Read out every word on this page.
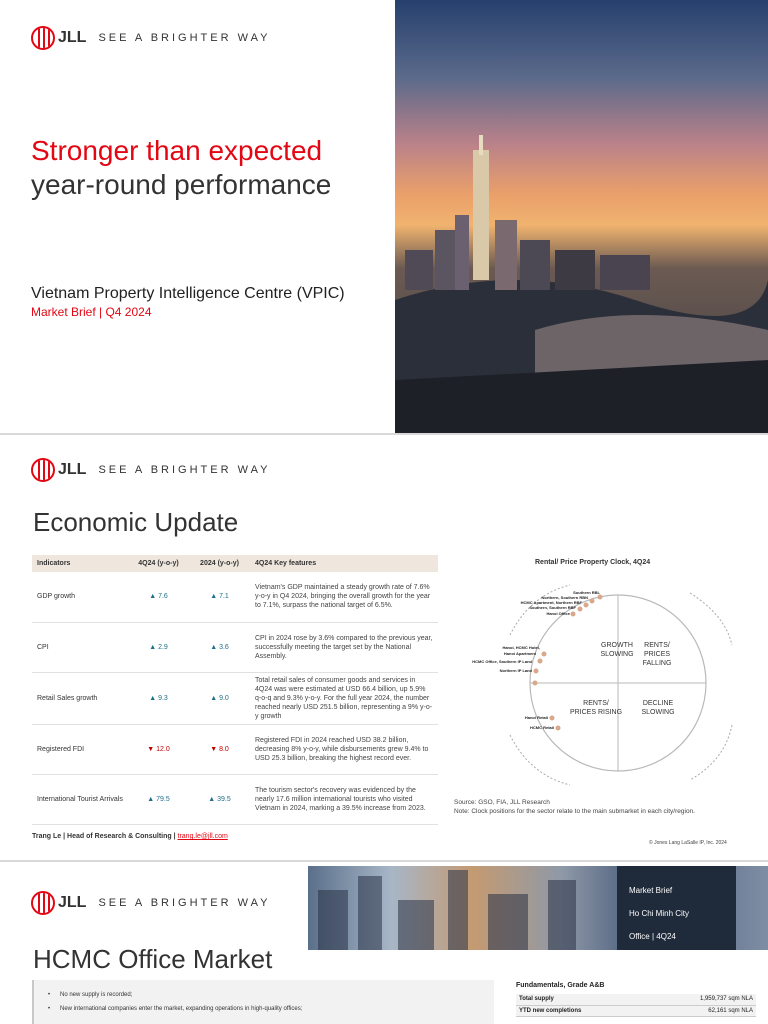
JLL SEE A BRIGHTER WAY
Stronger than expected
year-round performance
Vietnam Property Intelligence Centre (VPIC)
Market Brief | Q4 2024
JLL SEE A BRIGHTER WAY
Economic Update
Indicators	4Q24 (y-o-y)	2024 (y-o-y)	4Q24 Key features
GDP growth	▲ 7.6	▲ 7.1	Vietnam's GDP maintained a steady growth rate of 7.6% y-o-y in Q4 2024, bringing the overall growth for the year to 7.1%, surpass the national target of 6.5%.
CPI	▲ 2.9	▲ 3.6	CPI in 2024 rose by 3.6% compared to the previous year, successfully meeting the target set by the National Assembly.
Retail Sales growth	▲ 9.3	▲ 9.0	Total retail sales of consumer goods and services in 4Q24 was were estimated at USD 66.4 billion, up 5.9% q-o-q and 9.3% y-o-y. For the full year 2024, the number reached nearly USD 251.5 billion, representing a 9% y-o-y growth
Registered FDI	▼ 12.0	▼ 8.0	Registered FDI in 2024 reached USD 38.2 billion, decreasing 8% y-o-y, while disbursements grew 9.4% to USD 25.3 billion, breaking the highest record ever.
International Tourist Arrivals	▲ 79.5	▲ 39.5	The tourism sector's recovery was evidenced by the nearly 17.6 million international tourists who visited Vietnam in 2024, marking a 39.5% increase from 2023.
Trang Le | Head of Research & Consulting | trang.le@jll.com
Rental/ Price Property Clock, 4Q24
GROWTH
SLOWING
RENTS/
PRICES
FALLING
RENTS/
PRICES RISING
DECLINE
SLOWING
Southern RBL
Northern, Southern RBN
HCMC Apartment, Northern RBF
Southern, Southern RBF
Hanoi Office
Hanoi, HCMC Hotel,
Hanoi Apartment
HCMC Office, Southern IP Land
Northern IP Land
Hanoi Retail
HCMC Retail
Source: GSO, FIA, JLL Research
Note: Clock positions for the sector relate to the main submarket in each city/region.
© Jones Lang LaSalle IP, Inc. 2024
Market Brief
Ho Chi Minh City
Office | 4Q24
JLL SEE A BRIGHTER WAY
HCMC Office Market
• No new supply is recorded;
• New international companies enter the market, expanding operations in high-quality offices;
Fundamentals, Grade A&B
Total supply	1,959,737 sqm NLA
YTD new completions	62,161 sqm NLA
